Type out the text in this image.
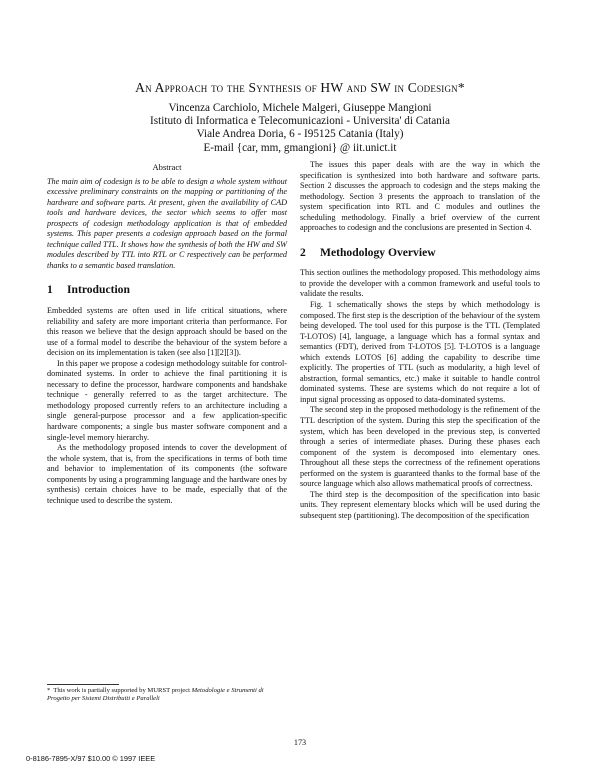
An Approach to the Synthesis of HW and SW in Codesign*
Vincenza Carchiolo, Michele Malgeri, Giuseppe Mangioni
Istituto di Informatica e Telecomunicazioni - Universita' di Catania
Viale Andrea Doria, 6 - I95125 Catania (Italy)
E-mail {car, mm, gmangioni} @ iit.unict.it
Abstract

The main aim of codesign is to be able to design a whole system without excessive preliminary constraints on the mapping or partitioning of the hardware and software parts. At present, given the availability of CAD tools and hardware devices, the sector which seems to offer most prospects of codesign methodology application is that of embedded systems. This paper presents a codesign approach based on the formal technique called TTL. It shows how the synthesis of both the HW and SW modules described by TTL into RTL or C respectively can be performed thanks to a semantic based translation.

1 Introduction

Embedded systems are often used in life critical situations, where reliability and safety are more important criteria than performance. For this reason we believe that the design approach should be based on the use of a formal model to describe the behaviour of the system before a decision on its implementation is taken (see also [1][2][3]).

In this paper we propose a codesign methodology suitable for control-dominated systems. In order to achieve the final partitioning it is necessary to define the processor, hardware components and handshake technique - generally referred to as the target architecture. The methodology proposed currently refers to an architecture including a single general-purpose processor and a few application-specific hardware components; a single bus master software component and a single-level memory hierarchy.

As the methodology proposed intends to cover the development of the whole system, that is, from the specifications in terms of both time and behavior to implementation of its components (the software components by using a programming language and the hardware ones by synthesis) certain choices have to be made, especially that of the technique used to describe the system.

The issues this paper deals with are the way in which the specification is synthesized into both hardware and software parts. Section 2 discusses the approach to codesign and the steps making the methodology. Section 3 presents the approach to translation of the system specification into RTL and C modules and outlines the scheduling methodology. Finally a brief overview of the current approaches to codesign and the conclusions are presented in Section 4.

2 Methodology Overview

This section outlines the methodology proposed. This methodology aims to provide the developer with a common framework and useful tools to validate the results.

Fig. 1 schematically shows the steps by which methodology is composed. The first step is the description of the behaviour of the system being developed. The tool used for this purpose is the TTL (Templated T-LOTOS) [4], language, a language which has a formal syntax and semantics (FDT), derived from T-LOTOS [5]. T-LOTOS is a language which extends LOTOS [6] adding the capability to describe time explicitly. The properties of TTL (such as modularity, a high level of abstraction, formal semantics, etc.) make it suitable to handle control dominated systems. These are systems which do not require a lot of input signal processing as opposed to data-dominated systems.

The second step in the proposed methodology is the refinement of the TTL description of the system. During this step the specification of the system, which has been developed in the previous step, is converted through a series of intermediate phases. During these phases each component of the system is decomposed into elementary ones. Throughout all these steps the correctness of the refinement operations performed on the system is guaranteed thanks to the formal base of the source language which also allows mathematical proofs of correctness.

The third step is the decomposition of the specification into basic units. They represent elementary blocks which will be used during the subsequent step (partitioning). The decomposition of the specification

* This work is partially supported by MURST project Metodologie e Strumenti di Progetto per Sistemi Distribuiti e Paralleli
173
0-8186-7895-X/97 $10.00 © 1997 IEEE
